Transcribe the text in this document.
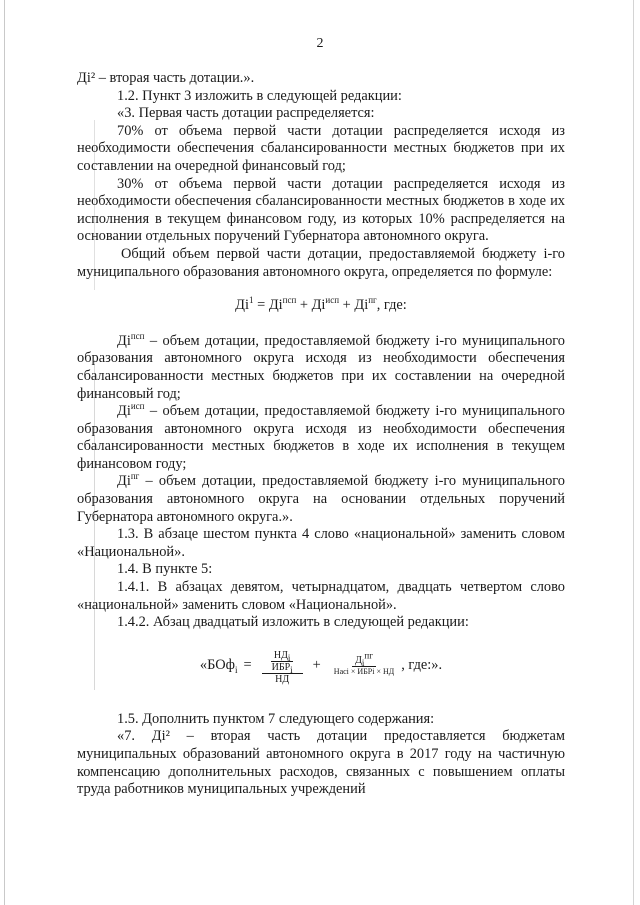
2

Ді² – вторая часть дотации.».

1.2. Пункт 3 изложить в следующей редакции:

«3. Первая часть дотации распределяется:

70% от объема первой части дотации распределяется исходя из необходимости обеспечения сбалансированности местных бюджетов при их составлении на очередной финансовый год;

30% от объема первой части дотации распределяется исходя из необходимости обеспечения сбалансированности местных бюджетов в ходе их исполнения в текущем финансовом году, из которых 10% распределяется на основании отдельных поручений Губернатора автономного округа.

Общий объем первой части дотации, предоставляемой бюджету i-го муниципального образования автономного округа, определяется по формуле:

$Ді^1 = Ді^{псп} + Ді^{исп} + Ді^{пг}$, где:

$Ді^{псп}$ – объем дотации, предоставляемой бюджету i-го муниципального образования автономного округа исходя из необходимости обеспечения сбалансированности местных бюджетов при их составлении на очередной финансовый год;

$Ді^{исп}$ – объем дотации, предоставляемой бюджету i-го муниципального образования автономного округа исходя из необходимости обеспечения сбалансированности местных бюджетов в ходе их исполнения в текущем финансовом году;

$Ді^{пг}$ – объем дотации, предоставляемой бюджету i-го муниципального образования автономного округа на основании отдельных поручений Губернатора автономного округа.».

1.3. В абзаце шестом пункта 4 слово «национальной» заменить словом «Национальной».

1.4. В пункте 5:

1.4.1. В абзацах девятом, четырнадцатом, двадцать четвертом слово «национальной» заменить словом «Национальной».

1.4.2. Абзац двадцатый изложить в следующей редакции:

«$БОф_i = \frac{\frac{НД_i}{ИБР_i}}{НД} + \frac{Д_i^{пг}}{\text{Насі × ИБРі × НД}}$ , где:».

1.5. Дополнить пунктом 7 следующего содержания:

«7. Ді² – вторая часть дотации предоставляется бюджетам муниципальных образований автономного округа в 2017 году на частичную компенсацию дополнительных расходов, связанных с повышением оплаты труда работников муниципальных учреждений
